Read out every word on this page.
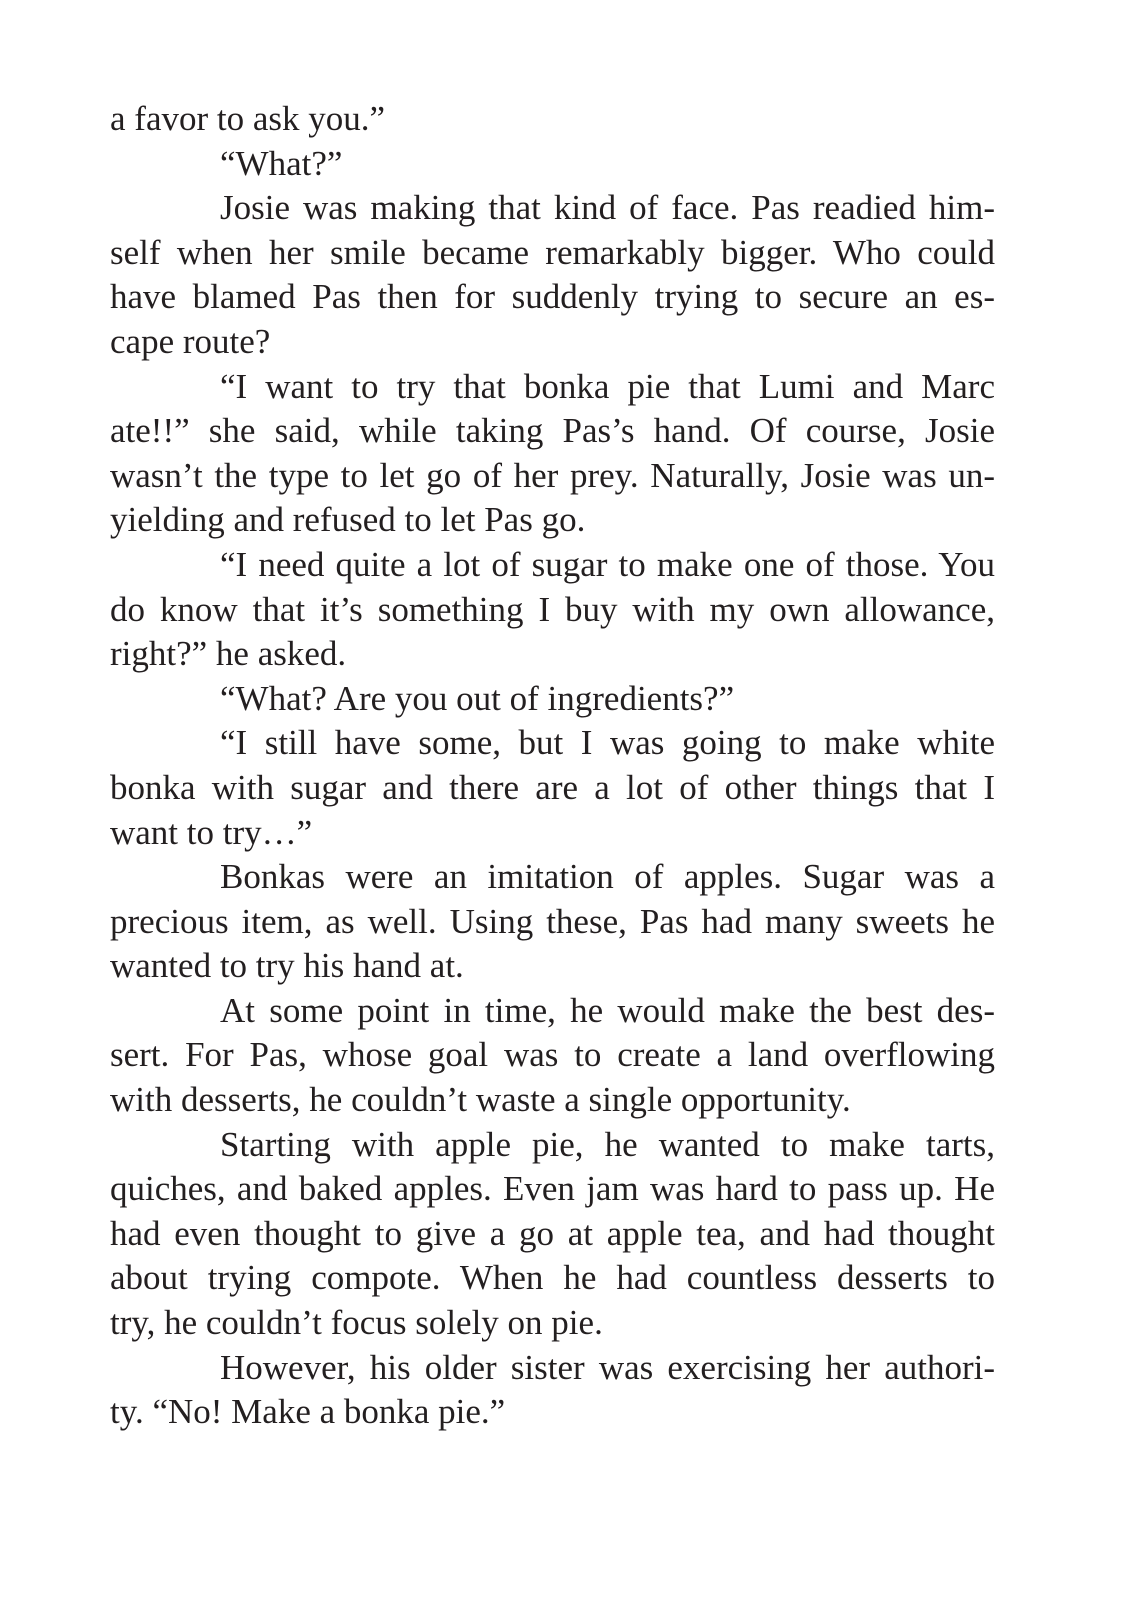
a favor to ask you.”
“What?”
Josie was making that kind of face. Pas readied him-
self when her smile became remarkably bigger. Who could
have blamed Pas then for suddenly trying to secure an es-
cape route?
“I want to try that bonka pie that Lumi and Marc
ate!!” she said, while taking Pas’s hand. Of course, Josie
wasn’t the type to let go of her prey. Naturally, Josie was un-
yielding and refused to let Pas go.
“I need quite a lot of sugar to make one of those. You
do know that it’s something I buy with my own allowance,
right?” he asked.
“What? Are you out of ingredients?”
“I still have some, but I was going to make white
bonka with sugar and there are a lot of other things that I
want to try…”
Bonkas were an imitation of apples. Sugar was a
precious item, as well. Using these, Pas had many sweets he
wanted to try his hand at.
At some point in time, he would make the best des-
sert. For Pas, whose goal was to create a land overflowing
with desserts, he couldn’t waste a single opportunity.
Starting with apple pie, he wanted to make tarts,
quiches, and baked apples. Even jam was hard to pass up. He
had even thought to give a go at apple tea, and had thought
about trying compote. When he had countless desserts to
try, he couldn’t focus solely on pie.
However, his older sister was exercising her authori-
ty. “No! Make a bonka pie.”
